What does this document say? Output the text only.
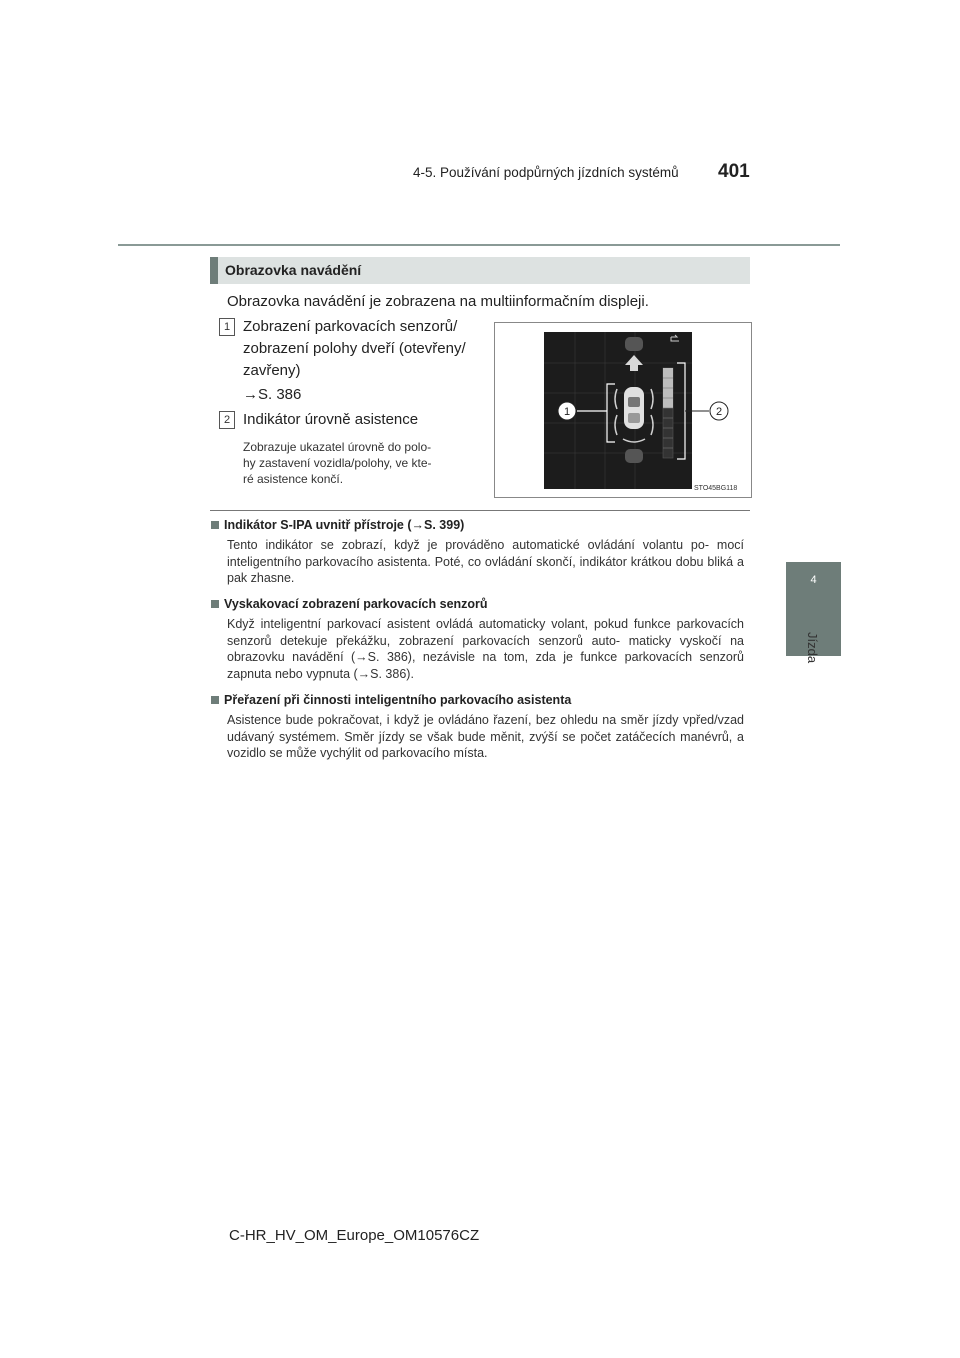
4-5. Používání podpůrných jízdních systémů 401
4
Jízda
Obrazovka navádění
Obrazovka navádění je zobrazena na multiinformačním displeji.
1 Zobrazení parkovacích senzorů/
zobrazení polohy dveří (otevřeny/
zavřeny)
→S. 386
2 Indikátor úrovně asistence
Zobrazuje ukazatel úrovně do polo-
hy zastavení vozidla/polohy, ve kte-
ré asistence končí.
1	2
STO45BG118
Indikátor S-IPA uvnitř přístroje (→S. 399)
Tento indikátor se zobrazí, když je prováděno automatické ovládání volantu po- mocí inteligentního parkovacího asistenta. Poté, co ovládání skončí, indikátor krátkou dobu bliká a pak zhasne.
Vyskakovací zobrazení parkovacích senzorů
Když inteligentní parkovací asistent ovládá automaticky volant, pokud funkce parkovacích senzorů detekuje překážku, zobrazení parkovacích senzorů auto- maticky vyskočí na obrazovku navádění (→S. 386), nezávisle na tom, zda je funkce parkovacích senzorů zapnuta nebo vypnuta (→S. 386).
Přeřazení při činnosti inteligentního parkovacího asistenta
Asistence bude pokračovat, i když je ovládáno řazení, bez ohledu na směr jízdy vpřed/vzad udávaný systémem. Směr jízdy se však bude měnit, zvýší se počet zatáčecích manévrů, a vozidlo se může vychýlit od parkovacího místa.
C-HR_HV_OM_Europe_OM10576CZ
